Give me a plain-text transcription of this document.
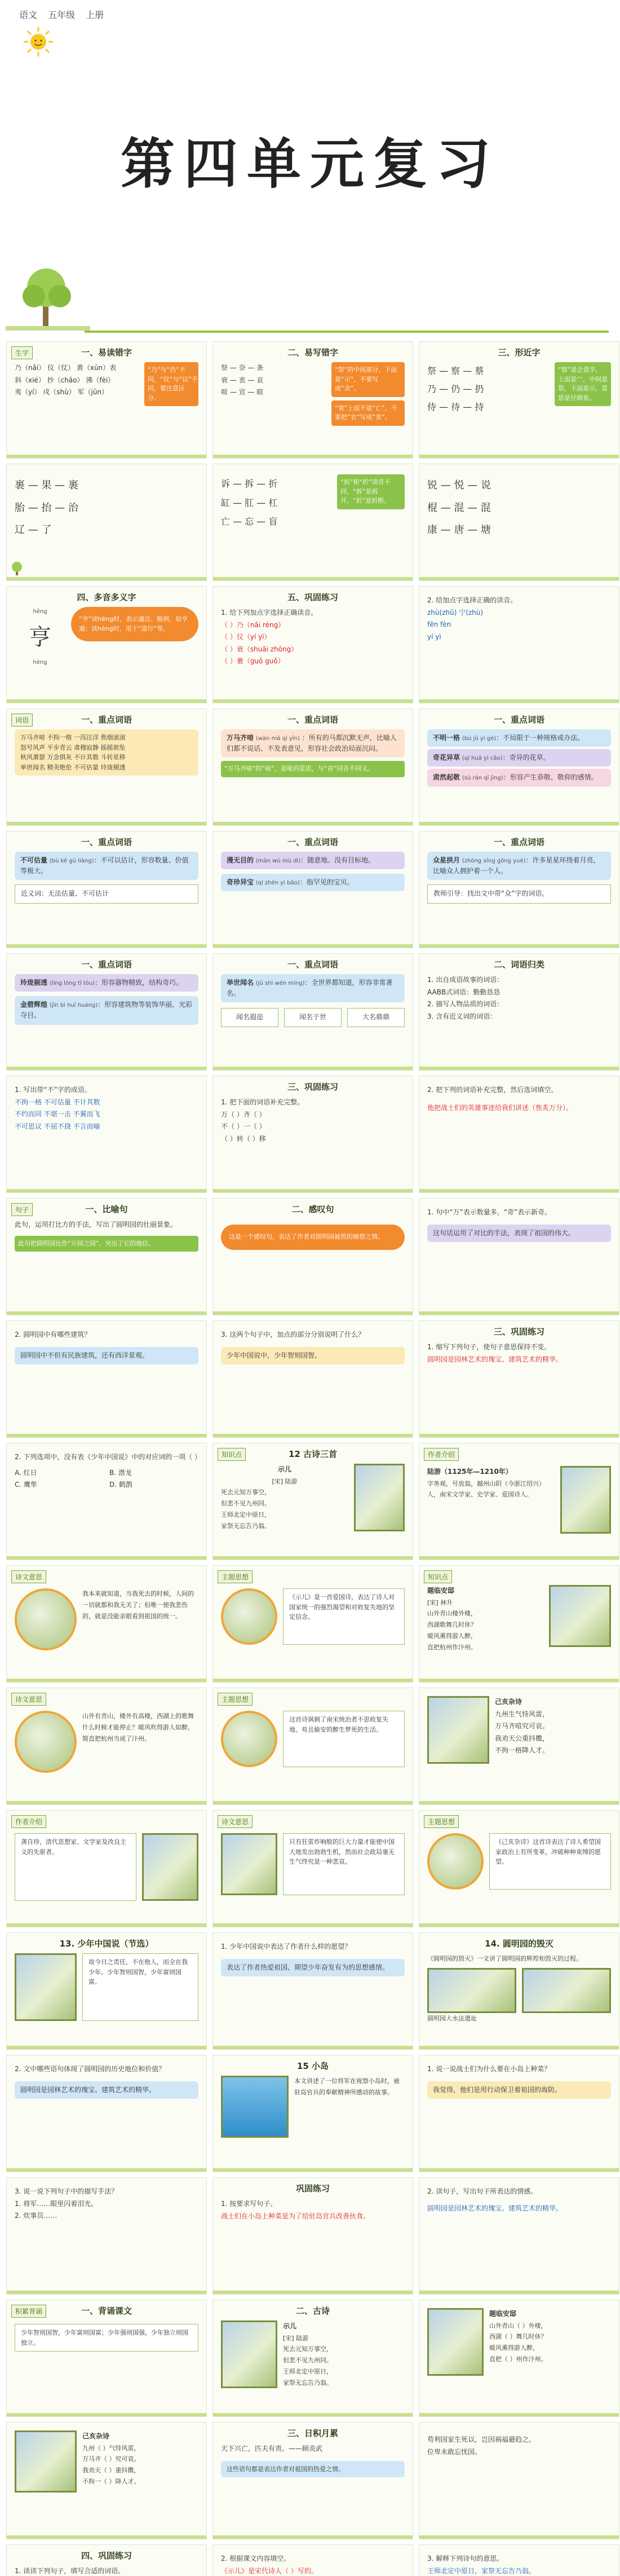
语文 五年级 上册
第四单元复习
生字	一、易读错字
乃（nǎi） 仪（仗） 黄（xūn）表
斜（xié） 抄（chāo） 沸（fèi）
夷（yí） 戍（shù） 军（jūn）
“乃”与“仍”不同，“仪”与“议”不同，要注意区分。
二、易写错字
祭 — 奈 — 条
衰 — 衷 — 哀
喧 — 宣 — 暄
“祭”的中间部分，下面是“示”，不要写成“余”。
“衰”上面不是“亡”，不要把“衣”写成“衷”。
三、形近字
祭 — 察 — 蔡
乃 — 仍 — 扔
侍 — 待 — 持
“察”是会意字，上面是宀，中间是祭，下面是示，意思是仔细看。
裹 — 果 — 裹
胎 — 抬 — 治
辽 — 了
诉 — 拆 — 折
缸 — 肛 — 杠
亡 — 忘 — 盲
“拆”和“折”读音不同，“拆”是拆开，“折”是折断。
锐 — 悦 — 说
棍 — 混 — 混
康 — 唐 — 塘
四、多音多义字
hēng
亨
hèng
“亨”读hēng时，表示通达、顺利，如亨通；读hèng时，用于“道行”等。
五、巩固练习
1. 给下列加点字选择正确读音。
（ ）乃（nǎi réng）
（ ）仪（yí yì）
（ ）衰（shuāi zhōng）
（ ）裹（guǒ guǒ）
2. 给加点字选择正确的读音。
zhù(zhū) 宁(zhù)
fēn fèn
yí yì
词语	一、重点词语
万马齐喑 不拘一格 一泻汪洋 焦烟滚滚
怒号风声 平步青云 肃穆寂静 摇摇欲坠
秋风萧瑟 万念俱灰 不计其数 斗转星移
举世闻名 精美绝伦 不可估量 玲珑剔透
一、重点词语
万马齐喑 (wàn mǎ qí yīn) ：所有的马都沉默无声，比喻人们都不说话、不发表意见，形容社会政治局面沉闷。
“万马齐喑”的“喑”，是哑的意思，与“音”同音不同义。
一、重点词语
不明一格 (bù jū yì gé)：不局限于一种规格或办法。
奇花异草 (qí huā yì cǎo)：奇异的花草。
肃然起敬 (sù rán qǐ jìng)：形容产生恭敬、敬仰的感情。
一、重点词语
不可估量 (bù kě gū liàng)：不可以估计，形容数量、价值等极大。
近义词：无法估量、不可估计
一、重点词语
漫无目的 (màn wú mù dì)：随意地、没有目标地。
奇珍异宝 (qí zhēn yì bǎo)：指罕见的宝贝。
一、重点词语
众星拱月 (zhòng xīng gǒng yuè)：许多星星环绕着月亮，比喻众人拥护着一个人。
教师引导：找出文中带“众”字的词语。
一、重点词语
玲珑剔透 (líng lóng tī tòu)：形容器物精致，结构奇巧。
金碧辉煌 (jīn bì huī huáng)：形容建筑物等装饰华丽，光彩夺目。
一、重点词语
举世闻名 (jǔ shì wén míng)：全世界都知道，形容非常著名。
闻名遐迩	闻名于世	大名鼎鼎
二、词语归类
1. 出自成语故事的词语：
AABB式词语：勤勤恳恳
2. 描写人物品质的词语：
3. 含有近义词的词语：
1. 写出带“不”字的成语。
不拘一格 不可估量 不计其数
不约而同 不堪一击 不翼而飞
不可思议 不屈不挠 不言而喻
三、巩固练习
1. 把下面的词语补充完整。
万（ ）齐（ ）
不（ ）一（ ）
（ ）转（ ）移
2. 把下列的词语补充完整，然后选词填空。
他把战士们的英雄事迹给我们讲述（焦炙万分）。
句子	一、比喻句
此句，运用打比方的手法，写出了圆明园的壮丽景象。
此句把圆明园比作“万园之园”，突出了它的地位。
二、感叹句
这是一个感叹句，表达了作者对圆明园被毁的痛惜之情。
1. 句中“万”表示数量多，“奇”表示新奇。
这句话运用了对比的手法，表现了祖国的伟大。
2. 圆明园中有哪些建筑？
圆明园中不但有民族建筑，还有西洋景观。
3. 这两个句子中，加点的部分分别说明了什么？
少年中国说中，少年智则国智。
三、巩固练习
1. 缩写下列句子，使句子意思保持不变。
圆明园是园林艺术的瑰宝、建筑艺术的精华。
2. 下列选项中，没有表《少年中国说》中的对应词的一项（ ）
A. 红日	B. 潜龙
C. 鹰隼	D. 鹤鹊
知识点	12 古诗三首
示儿
[宋] 陆游
死去元知万事空，
但悲不见九州同。
王师北定中原日，
家祭无忘告乃翁。
作者介绍
陆游（1125年—1210年）
字务观，号放翁，越州山阴（今浙江绍兴）人，南宋文学家、史学家、爱国诗人。
诗文意思
我本来就知道，当我死去的时候，人间的一切就都和我无关了；但唯一使我悲伤的，就是没能亲眼看到祖国的统一。
主题思想
《示儿》是一首爱国诗，表达了诗人对国家统一的强烈渴望和对收复失地的坚定信念。
知识点
题临安邸
[宋] 林升
山外青山楼外楼，
西湖歌舞几时休？
暖风熏得游人醉，
直把杭州作汴州。
诗文意思
山外有青山，楼外有高楼，西湖上的歌舞什么时候才能停止？暖风吹得游人如醉，简直把杭州当成了汴州。
主题思想
这首诗讽刺了南宋统治者不思收复失地、苟且偷安的醉生梦死的生活。
己亥杂诗
九州生气恃风雷，
万马齐喑究可哀。
我劝天公重抖擞，
不拘一格降人才。
作者介绍
龚自珍，清代思想家、文学家及改良主义的先驱者。
诗文意思
只有狂雷炸响般的巨大力量才能使中国大地发出勃勃生机，然而社会政局毫无生气终究是一种悲哀。
主题思想
《己亥杂诗》这首诗表达了诗人希望国家政治上有所变革，冲破种种束缚的愿望。
13. 少年中国说（节选）
故今日之责任，不在他人，而全在我少年。少年智则国智，少年富则国富。
1. 少年中国说中表达了作者什么样的愿望？
表达了作者热爱祖国、期望少年奋发有为的思想感情。
14. 圆明园的毁灭
《圆明园的毁灭》一文讲了圆明园的辉煌和毁灭的过程。
圆明园大水法遗址
2. 文中哪些语句体现了圆明园的历史地位和价值？
圆明园是园林艺术的瑰宝、建筑艺术的精华。
15 小岛
本文讲述了一位将军在视察小岛时，被驻岛官兵的奉献精神所感动的故事。
1. 说一说战士们为什么要在小岛上种菜？
我觉得，他们是用行动保卫着祖国的海防。
3. 说一说下列句子中的描写手法？
1. 将军……眼里闪着泪光。
2. 炊事员……
巩固练习
1. 按要求写句子。
战士们在小岛上种菜是为了给驻岛官兵改善伙食。
2. 读句子，写出句子所表达的情感。
圆明园是园林艺术的瑰宝、建筑艺术的精华。
积累背诵	一、背诵课文
少年智则国智，少年富则国富；少年强则国强，少年独立则国独立。
二、古诗
示儿
[宋] 陆游
死去元知万事空，
但悲不见九州同。
王师北定中原日，
家祭无忘告乃翁。
题临安邸
山外青山（ ）外楼，
西湖（ ）舞几时休？
暖风熏得游人醉，
直把（ ）州作汴州。
己亥杂诗
九州（ ）气恃风雷，
万马齐（ ）究可哀。
我劝天（ ）重抖擞，
不拘一（ ）降人才。
三、日积月累
天下兴亡，匹夫有责。——顾炎武
这些语句都是表达作者对祖国的热爱之情。
苟利国家生死以，岂因祸福避趋之。
位卑未敢忘忧国。
四、巩固练习
1. 读读下列句子，填写合适的词语。
2. 根据课文内容填空。
《示儿》是宋代诗人（ ）写的。
3. 解释下列诗句的意思。
王师北定中原日，家祭无忘告乃翁。
